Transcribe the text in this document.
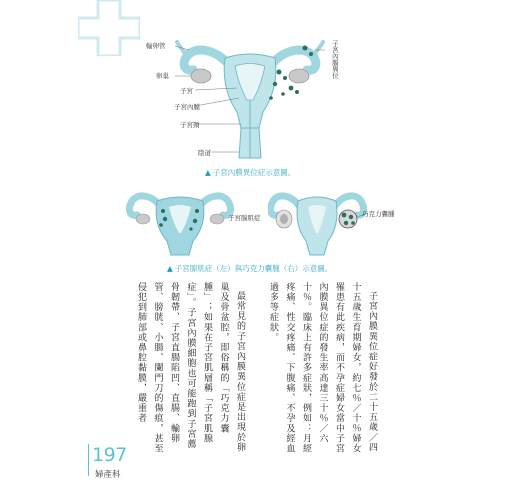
輸卵管
卵巢
子宮
子宮內膜
子宮頸
陰道
子宮內膜異位
▲ 子宮內膜異位症示意圖。
子宮腺肌症	巧克力囊腫
▲ 子宮腺肌症（左）與巧克力囊腫（右）示意圖。

子宮內膜異位症好發於二十五歲／四十五歲生育期婦女，約七％／十％婦女罹患有此疾病，而不孕症婦女當中子宮內膜異位症的發生率高達三十％／六十％。臨床上有許多症狀，例如：月經疼痛、性交疼痛、下腹痛、不孕及經血過多等症狀。

最常見的子宮內膜異位症是出現於卵巢及骨盆腔，即俗稱的「巧克力囊腫」；如果在子宮肌層稱「子宮肌腺症」。子宮內膜細胞也可能跑到子宮薦骨韌帶、子宮直腸陷凹、直腸、輸卵管、膀胱、小腸、闌門刀的傷痕，甚至侵犯到肺部或鼻腔黏膜，嚴重者

197
婦產科
